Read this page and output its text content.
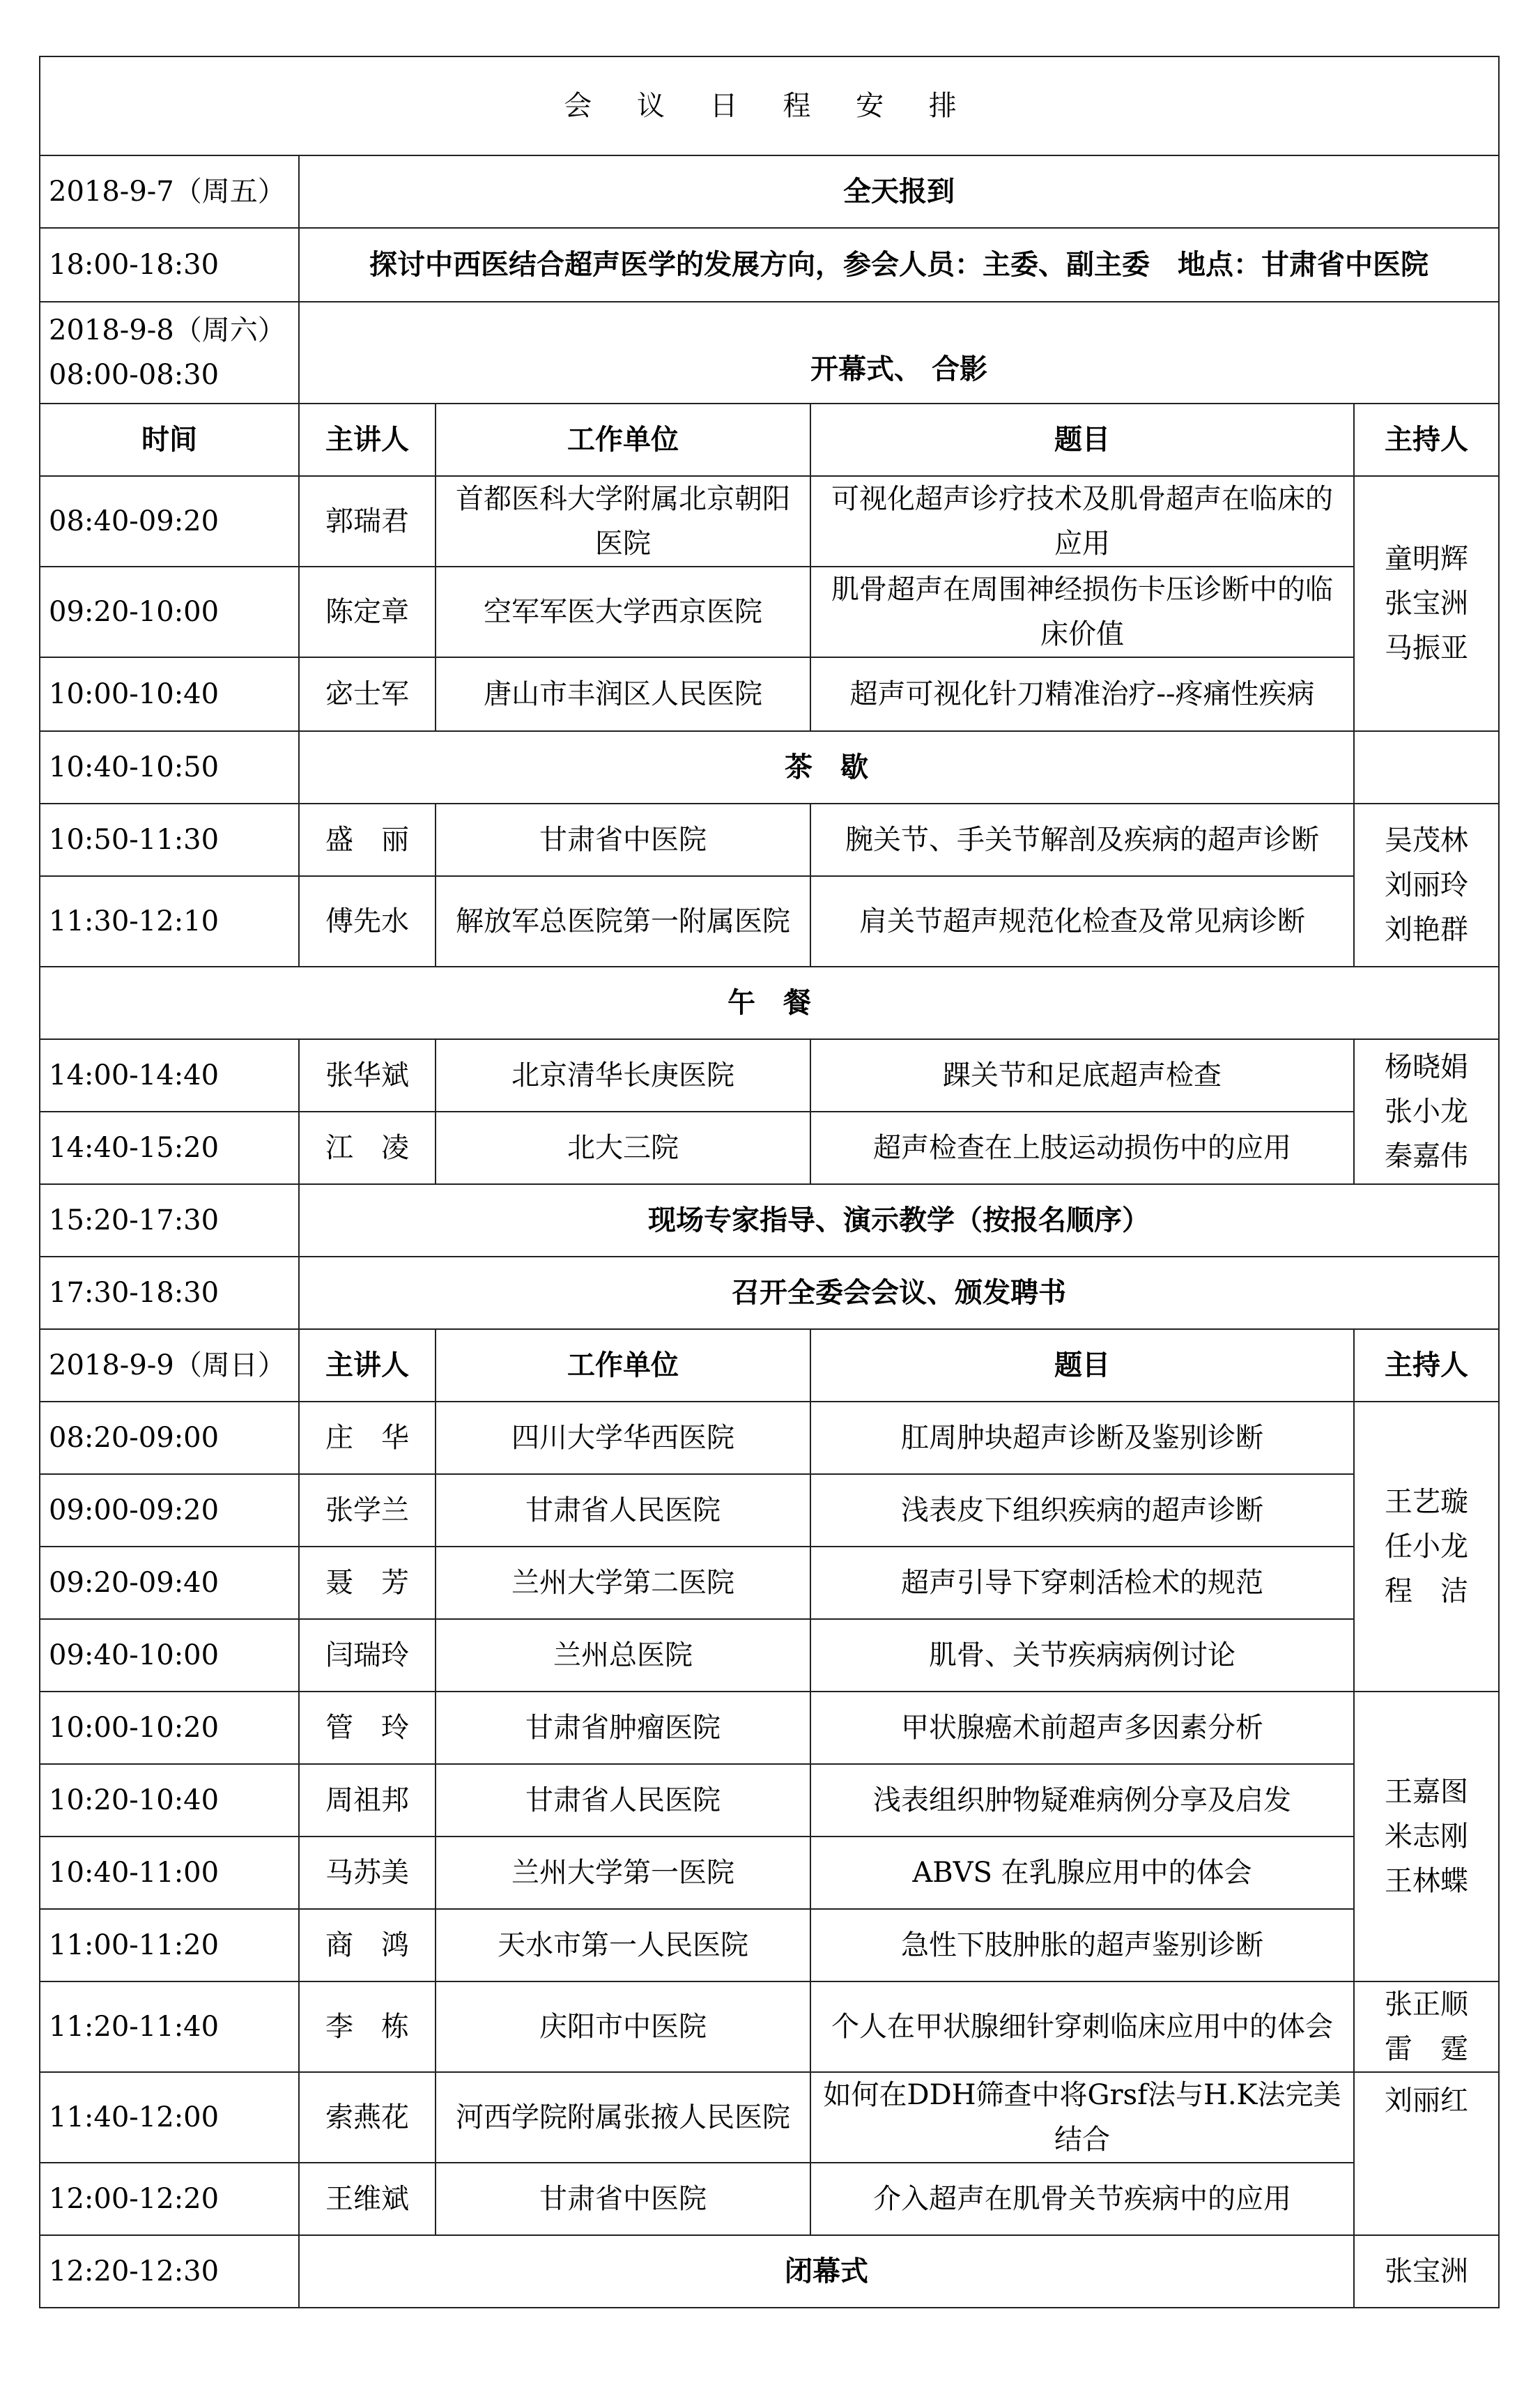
会 议 日 程 安 排				
2018-9-7（周五）	全天报到			
18:00-18:30	探讨中西医结合超声医学的发展方向，参会人员：主委、副主委　地点：甘肃省中医院			

2018-9-8（周六）
08:00-08:30	开幕式、 合影			
时间	主讲人	工作单位	题目	主持人
08:40-09:20	郭瑞君	首都医科大学附属北京朝阳医院	可视化超声诊疗技术及肌骨超声在临床的应用	童明辉
张宝洲
马振亚
09:20-10:00	陈定章	空军军医大学西京医院	肌骨超声在周围神经损伤卡压诊断中的临床价值	
10:00-10:40	宓士军	唐山市丰润区人民医院	超声可视化针刀精准治疗--疼痛性疾病	
10:40-10:50	茶　歇			
10:50-11:30	盛　丽	甘肃省中医院	腕关节、手关节解剖及疾病的超声诊断	吴茂林
刘丽玲
刘艳群
11:30-12:10	傅先水	解放军总医院第一附属医院	肩关节超声规范化检查及常见病诊断	
午　餐				
14:00-14:40	张华斌	北京清华长庚医院	踝关节和足底超声检查	杨晓娟
张小龙
秦嘉伟
14:40-15:20	江　凌	北大三院	超声检查在上肢运动损伤中的应用	
15:20-17:30	现场专家指导、演示教学（按报名顺序）			
17:30-18:30	召开全委会会议、颁发聘书			
2018-9-9（周日）	主讲人	工作单位	题目	主持人
08:20-09:00	庄　华	四川大学华西医院	肛周肿块超声诊断及鉴别诊断	王艺璇
任小龙
程　洁
09:00-09:20	张学兰	甘肃省人民医院	浅表皮下组织疾病的超声诊断	
09:20-09:40	聂　芳	兰州大学第二医院	超声引导下穿刺活检术的规范	
09:40-10:00	闫瑞玲	兰州总医院	肌骨、关节疾病病例讨论	
10:00-10:20	管　玲	甘肃省肿瘤医院	甲状腺癌术前超声多因素分析	王嘉图
米志刚
王林蝶
10:20-10:40	周祖邦	甘肃省人民医院	浅表组织肿物疑难病例分享及启发	
10:40-11:00	马苏美	兰州大学第一医院	ABVS 在乳腺应用中的体会	
11:00-11:20	商　鸿	天水市第一人民医院	急性下肢肿胀的超声鉴别诊断	
11:20-11:40	李　栋	庆阳市中医院	个人在甲状腺细针穿刺临床应用中的体会	张正顺
雷　霆
11:40-12:00	索燕花	河西学院附属张掖人民医院	如何在DDH筛查中将Grsf法与H.K法完美结合	刘丽红
12:00-12:20	王维斌	甘肃省中医院	介入超声在肌骨关节疾病中的应用	
12:20-12:30	闭幕式			张宝洲
